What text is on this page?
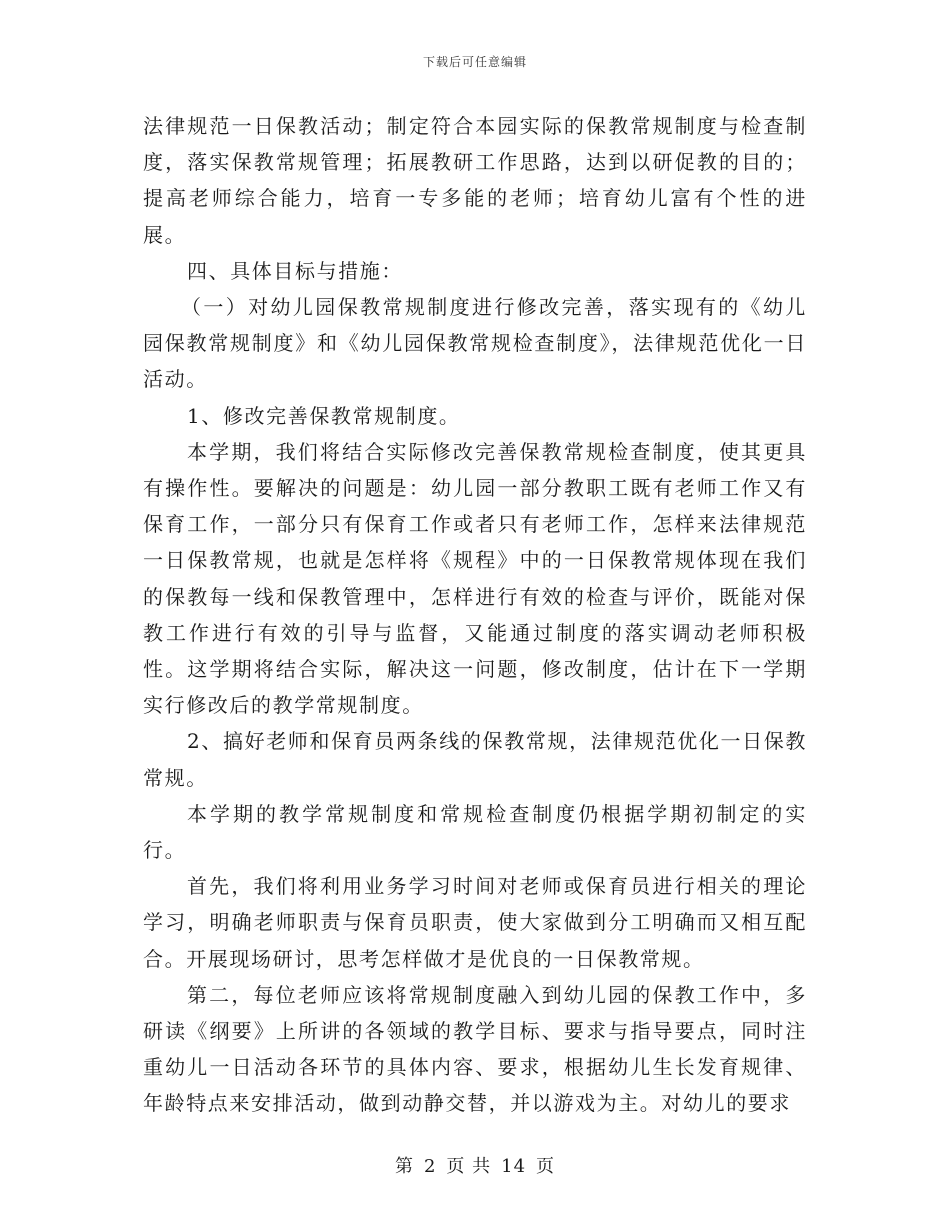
下载后可任意编辑

法律规范一日保教活动；制定符合本园实际的保教常规制度与检查制度，落实保教常规管理；拓展教研工作思路，达到以研促教的目的；提高老师综合能力，培育一专多能的老师；培育幼儿富有个性的进展。

四、具体目标与措施：

（一）对幼儿园保教常规制度进行修改完善，落实现有的《幼儿园保教常规制度》和《幼儿园保教常规检查制度》，法律规范优化一日活动。

1、修改完善保教常规制度。

本学期，我们将结合实际修改完善保教常规检查制度，使其更具有操作性。要解决的问题是：幼儿园一部分教职工既有老师工作又有保育工作，一部分只有保育工作或者只有老师工作，怎样来法律规范一日保教常规，也就是怎样将《规程》中的一日保教常规体现在我们的保教每一线和保教管理中，怎样进行有效的检查与评价，既能对保教工作进行有效的引导与监督，又能通过制度的落实调动老师积极性。这学期将结合实际，解决这一问题，修改制度，估计在下一学期实行修改后的教学常规制度。

2、搞好老师和保育员两条线的保教常规，法律规范优化一日保教常规。

本学期的教学常规制度和常规检查制度仍根据学期初制定的实行。

首先，我们将利用业务学习时间对老师或保育员进行相关的理论学习，明确老师职责与保育员职责，使大家做到分工明确而又相互配合。开展现场研讨，思考怎样做才是优良的一日保教常规。

第二，每位老师应该将常规制度融入到幼儿园的保教工作中，多研读《纲要》上所讲的各领域的教学目标、要求与指导要点，同时注重幼儿一日活动各环节的具体内容、要求，根据幼儿生长发育规律、年龄特点来安排活动，做到动静交替，并以游戏为主。对幼儿的要求

第 2 页 共 14 页
